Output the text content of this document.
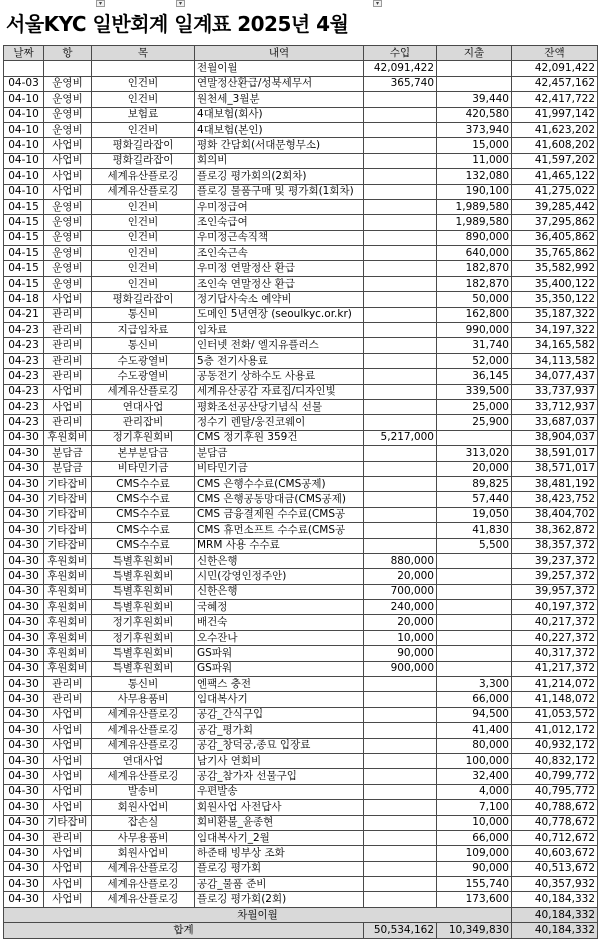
▾	▾	▾
서울KYC 일반회계 일계표 2025년 4월
날짜	항	목	내역	수입	지출	잔액
			전월이월	42,091,422		42,091,422
04-03	운영비	인건비	연말정산환급/성북세무서	365,740		42,457,162
04-10	운영비	인건비	원천세_3월분		39,440	42,417,722
04-10	운영비	보험료	4대보험(회사)		420,580	41,997,142
04-10	운영비	인건비	4대보험(본인)		373,940	41,623,202
04-10	사업비	평화길라잡이	평화 간담회(서대문형무소)		15,000	41,608,202
04-10	사업비	평화길라잡이	회의비		11,000	41,597,202
04-10	사업비	세계유산플로깅	플로깅 평가회의(2회차)		132,080	41,465,122
04-10	사업비	세계유산플로깅	플로깅 물품구매 및 평가회(1회차)		190,100	41,275,022
04-15	운영비	인건비	우미정급여		1,989,580	39,285,442
04-15	운영비	인건비	조인숙급여		1,989,580	37,295,862
04-15	운영비	인건비	우미정근속직책		890,000	36,405,862
04-15	운영비	인건비	조인숙근속		640,000	35,765,862
04-15	운영비	인건비	우미정 연말정산 환급		182,870	35,582,992
04-15	운영비	인건비	조인숙 연말정산 환급		182,870	35,400,122
04-18	사업비	평화길라잡이	정기답사숙소 예약비		50,000	35,350,122
04-21	관리비	통신비	도메인 5년연장 (seoulkyc.or.kr)		162,800	35,187,322
04-23	관리비	지급임차료	임차료		990,000	34,197,322
04-23	관리비	통신비	인터넷 전화/ 엘지유플러스		31,740	34,165,582
04-23	관리비	수도광열비	5층 전기사용료		52,000	34,113,582
04-23	관리비	수도광열비	공동전기 상하수도 사용료		36,145	34,077,437
04-23	사업비	세계유산플로깅	세계유산공감 자료집/디자인빛		339,500	33,737,937
04-23	사업비	연대사업	평화조선공산당기념식 선물		25,000	33,712,937
04-23	관리비	관리잡비	정수기 렌탈/웅진코웨이		25,900	33,687,037
04-30	후원회비	정기후원회비	CMS 정기후원 359건	5,217,000		38,904,037
04-30	분담금	본부분담금	분담금		313,020	38,591,017
04-30	분담금	비타민기금	비타민기금		20,000	38,571,017
04-30	기타잡비	CMS수수료	CMS 은행수수료(CMS공제)		89,825	38,481,192
04-30	기타잡비	CMS수수료	CMS 은행공동망대금(CMS공제)		57,440	38,423,752
04-30	기타잡비	CMS수수료	CMS 금융결제원 수수료(CMS공		19,050	38,404,702
04-30	기타잡비	CMS수수료	CMS 휴먼소프트 수수료(CMS공		41,830	38,362,872
04-30	기타잡비	CMS수수료	MRM 사용 수수료		5,500	38,357,372
04-30	후원회비	특별후원회비	신한은행	880,000		39,237,372
04-30	후원회비	특별후원회비	시민(강영인정주안)	20,000		39,257,372
04-30	후원회비	특별후원회비	신한은행	700,000		39,957,372
04-30	후원회비	특별후원회비	국혜정	240,000		40,197,372
04-30	후원회비	정기후원회비	배건숙	20,000		40,217,372
04-30	후원회비	정기후원회비	오수잔나	10,000		40,227,372
04-30	후원회비	특별후원회비	GS파워	90,000		40,317,372
04-30	후원회비	특별후원회비	GS파워	900,000		41,217,372
04-30	관리비	통신비	엔팩스 충전		3,300	41,214,072
04-30	관리비	사무용품비	임대복사기		66,000	41,148,072
04-30	사업비	세계유산플로깅	공감_간식구입		94,500	41,053,572
04-30	사업비	세계유산플로깅	공감_평가회		41,400	41,012,172
04-30	사업비	세계유산플로깅	공감_창덕궁,종묘 입장료		80,000	40,932,172
04-30	사업비	연대사업	남기사 연회비		100,000	40,832,172
04-30	사업비	세계유산플로깅	공감_참가자 선물구입		32,400	40,799,772
04-30	사업비	발송비	우편발송		4,000	40,795,772
04-30	사업비	회원사업비	회원사업 사전답사		7,100	40,788,672
04-30	기타잡비	잡손실	회비환불_윤종현		10,000	40,778,672
04-30	관리비	사무용품비	임대복사기_2월		66,000	40,712,672
04-30	사업비	회원사업비	하준태 빙부상 조화		109,000	40,603,672
04-30	사업비	세계유산플로깅	플로깅 평가회		90,000	40,513,672
04-30	사업비	세계유산플로깅	공감_물품 준비		155,740	40,357,932
04-30	사업비	세계유산플로깅	플로깅 평가회(2회)		173,600	40,184,332
차월이월						40,184,332
합계				50,534,162	10,349,830	40,184,332
